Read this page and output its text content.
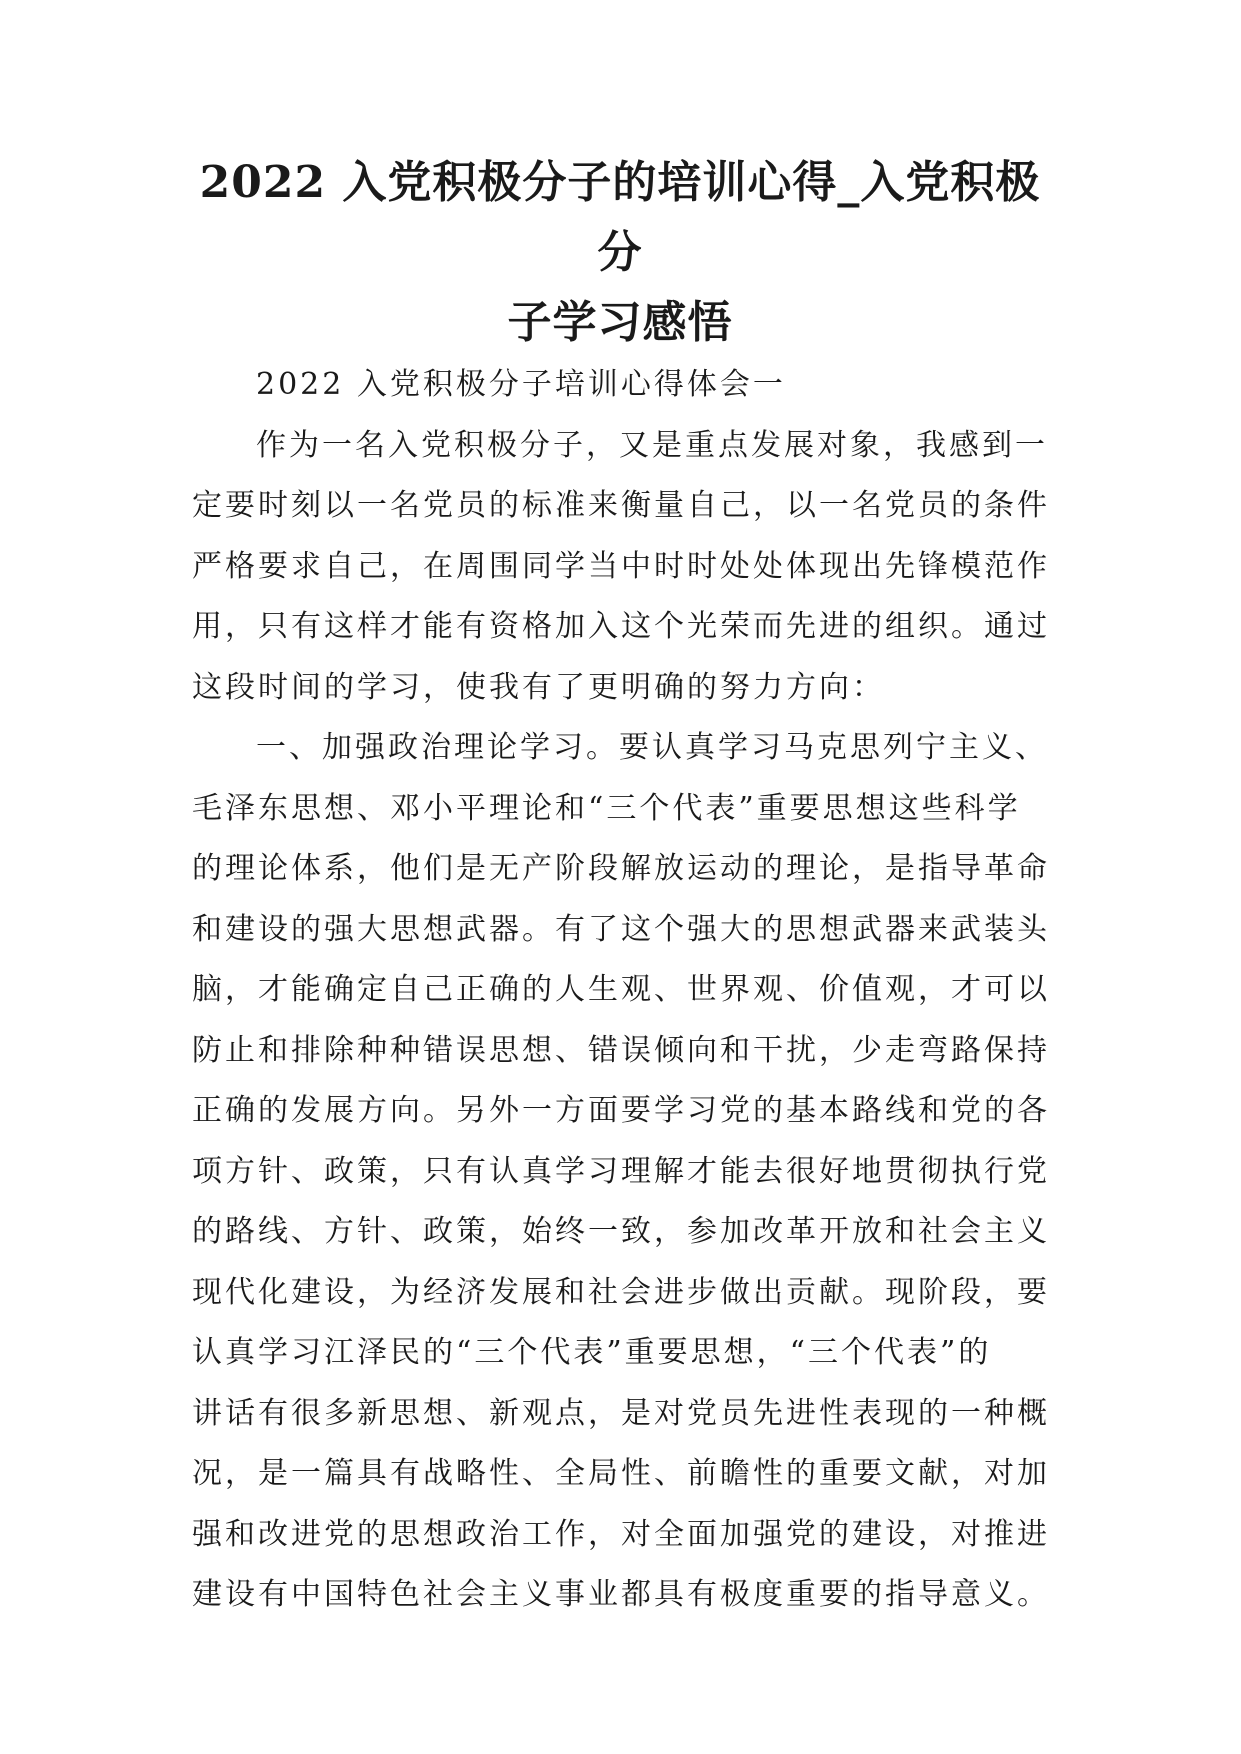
2022 入党积极分子的培训心得_入党积极分
子学习感悟
2022 入党积极分子培训心得体会一
作为一名入党积极分子，又是重点发展对象，我感到一
定要时刻以一名党员的标准来衡量自己，以一名党员的条件
严格要求自己，在周围同学当中时时处处体现出先锋模范作
用，只有这样才能有资格加入这个光荣而先进的组织。通过
这段时间的学习，使我有了更明确的努力方向：
一、加强政治理论学习。要认真学习马克思列宁主义、
毛泽东思想、邓小平理论和“三个代表”重要思想这些科学
的理论体系，他们是无产阶段解放运动的理论，是指导革命
和建设的强大思想武器。有了这个强大的思想武器来武装头
脑，才能确定自己正确的人生观、世界观、价值观，才可以
防止和排除种种错误思想、错误倾向和干扰，少走弯路保持
正确的发展方向。另外一方面要学习党的基本路线和党的各
项方针、政策，只有认真学习理解才能去很好地贯彻执行党
的路线、方针、政策，始终一致，参加改革开放和社会主义
现代化建设，为经济发展和社会进步做出贡献。现阶段，要
认真学习江泽民的“三个代表”重要思想，“三个代表”的
讲话有很多新思想、新观点，是对党员先进性表现的一种概
况，是一篇具有战略性、全局性、前瞻性的重要文献，对加
强和改进党的思想政治工作，对全面加强党的建设，对推进
建设有中国特色社会主义事业都具有极度重要的指导意义。
